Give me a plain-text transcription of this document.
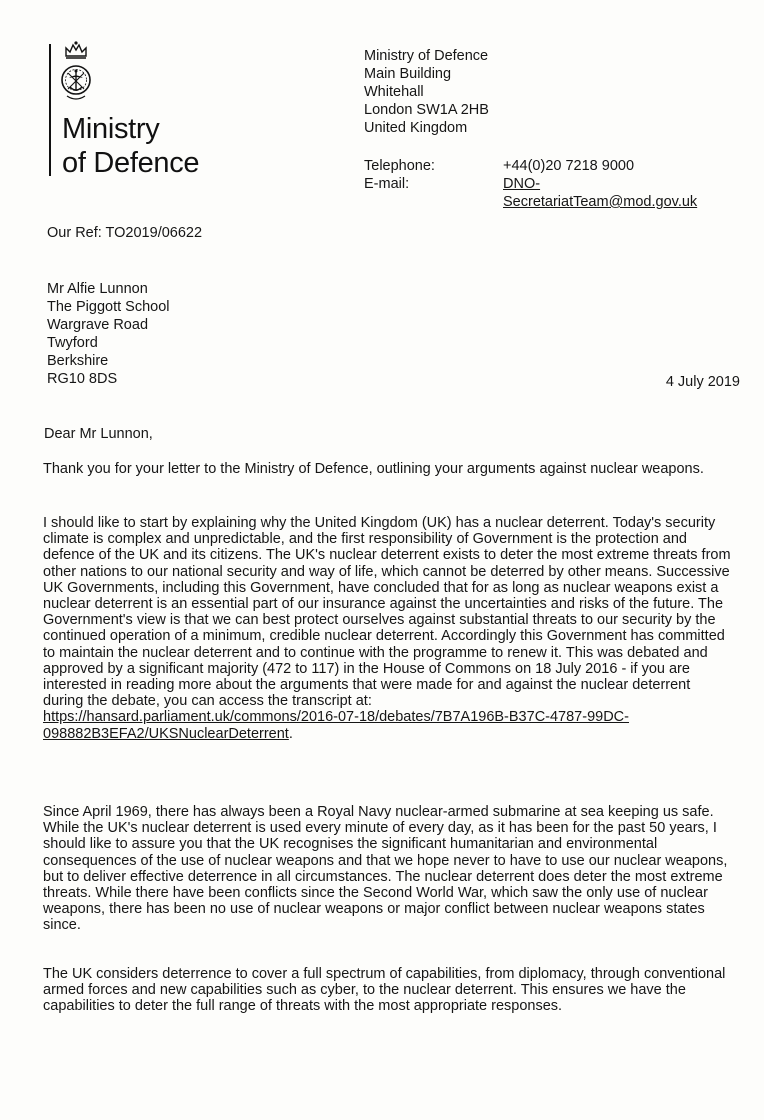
Ministry
of Defence
Ministry of Defence
Main Building
Whitehall
London SW1A 2HB
United Kingdom
Telephone:	+44(0)20 7218 9000
E-mail:	DNO-
SecretariatTeam@mod.gov.uk
Our Ref: TO2019/06622
Mr Alfie Lunnon
The Piggott School
Wargrave Road
Twyford
Berkshire
RG10 8DS	4 July 2019
Dear Mr Lunnon,
Thank you for your letter to the Ministry of Defence, outlining your arguments against nuclear weapons.
I should like to start by explaining why the United Kingdom (UK) has a nuclear deterrent. Today's security climate is complex and unpredictable, and the first responsibility of Government is the protection and defence of the UK and its citizens. The UK's nuclear deterrent exists to deter the most extreme threats from other nations to our national security and way of life, which cannot be deterred by other means. Successive UK Governments, including this Government, have concluded that for as long as nuclear weapons exist a nuclear deterrent is an essential part of our insurance against the uncertainties and risks of the future. The Government's view is that we can best protect ourselves against substantial threats to our security by the continued operation of a minimum, credible nuclear deterrent. Accordingly this Government has committed to maintain the nuclear deterrent and to continue with the programme to renew it. This was debated and approved by a significant majority (472 to 117) in the House of Commons on 18 July 2016 - if you are interested in reading more about the arguments that were made for and against the nuclear deterrent during the debate, you can access the transcript at:
https://hansard.parliament.uk/commons/2016-07-18/debates/7B7A196B-B37C-4787-99DC-
098882B3EFA2/UKSNuclearDeterrent.
Since April 1969, there has always been a Royal Navy nuclear-armed submarine at sea keeping us safe. While the UK's nuclear deterrent is used every minute of every day, as it has been for the past 50 years, I should like to assure you that the UK recognises the significant humanitarian and environmental consequences of the use of nuclear weapons and that we hope never to have to use our nuclear weapons, but to deliver effective deterrence in all circumstances. The nuclear deterrent does deter the most extreme threats. While there have been conflicts since the Second World War, which saw the only use of nuclear weapons, there has been no use of nuclear weapons or major conflict between nuclear weapons states since.
The UK considers deterrence to cover a full spectrum of capabilities, from diplomacy, through conventional armed forces and new capabilities such as cyber, to the nuclear deterrent. This ensures we have the capabilities to deter the full range of threats with the most appropriate responses.
